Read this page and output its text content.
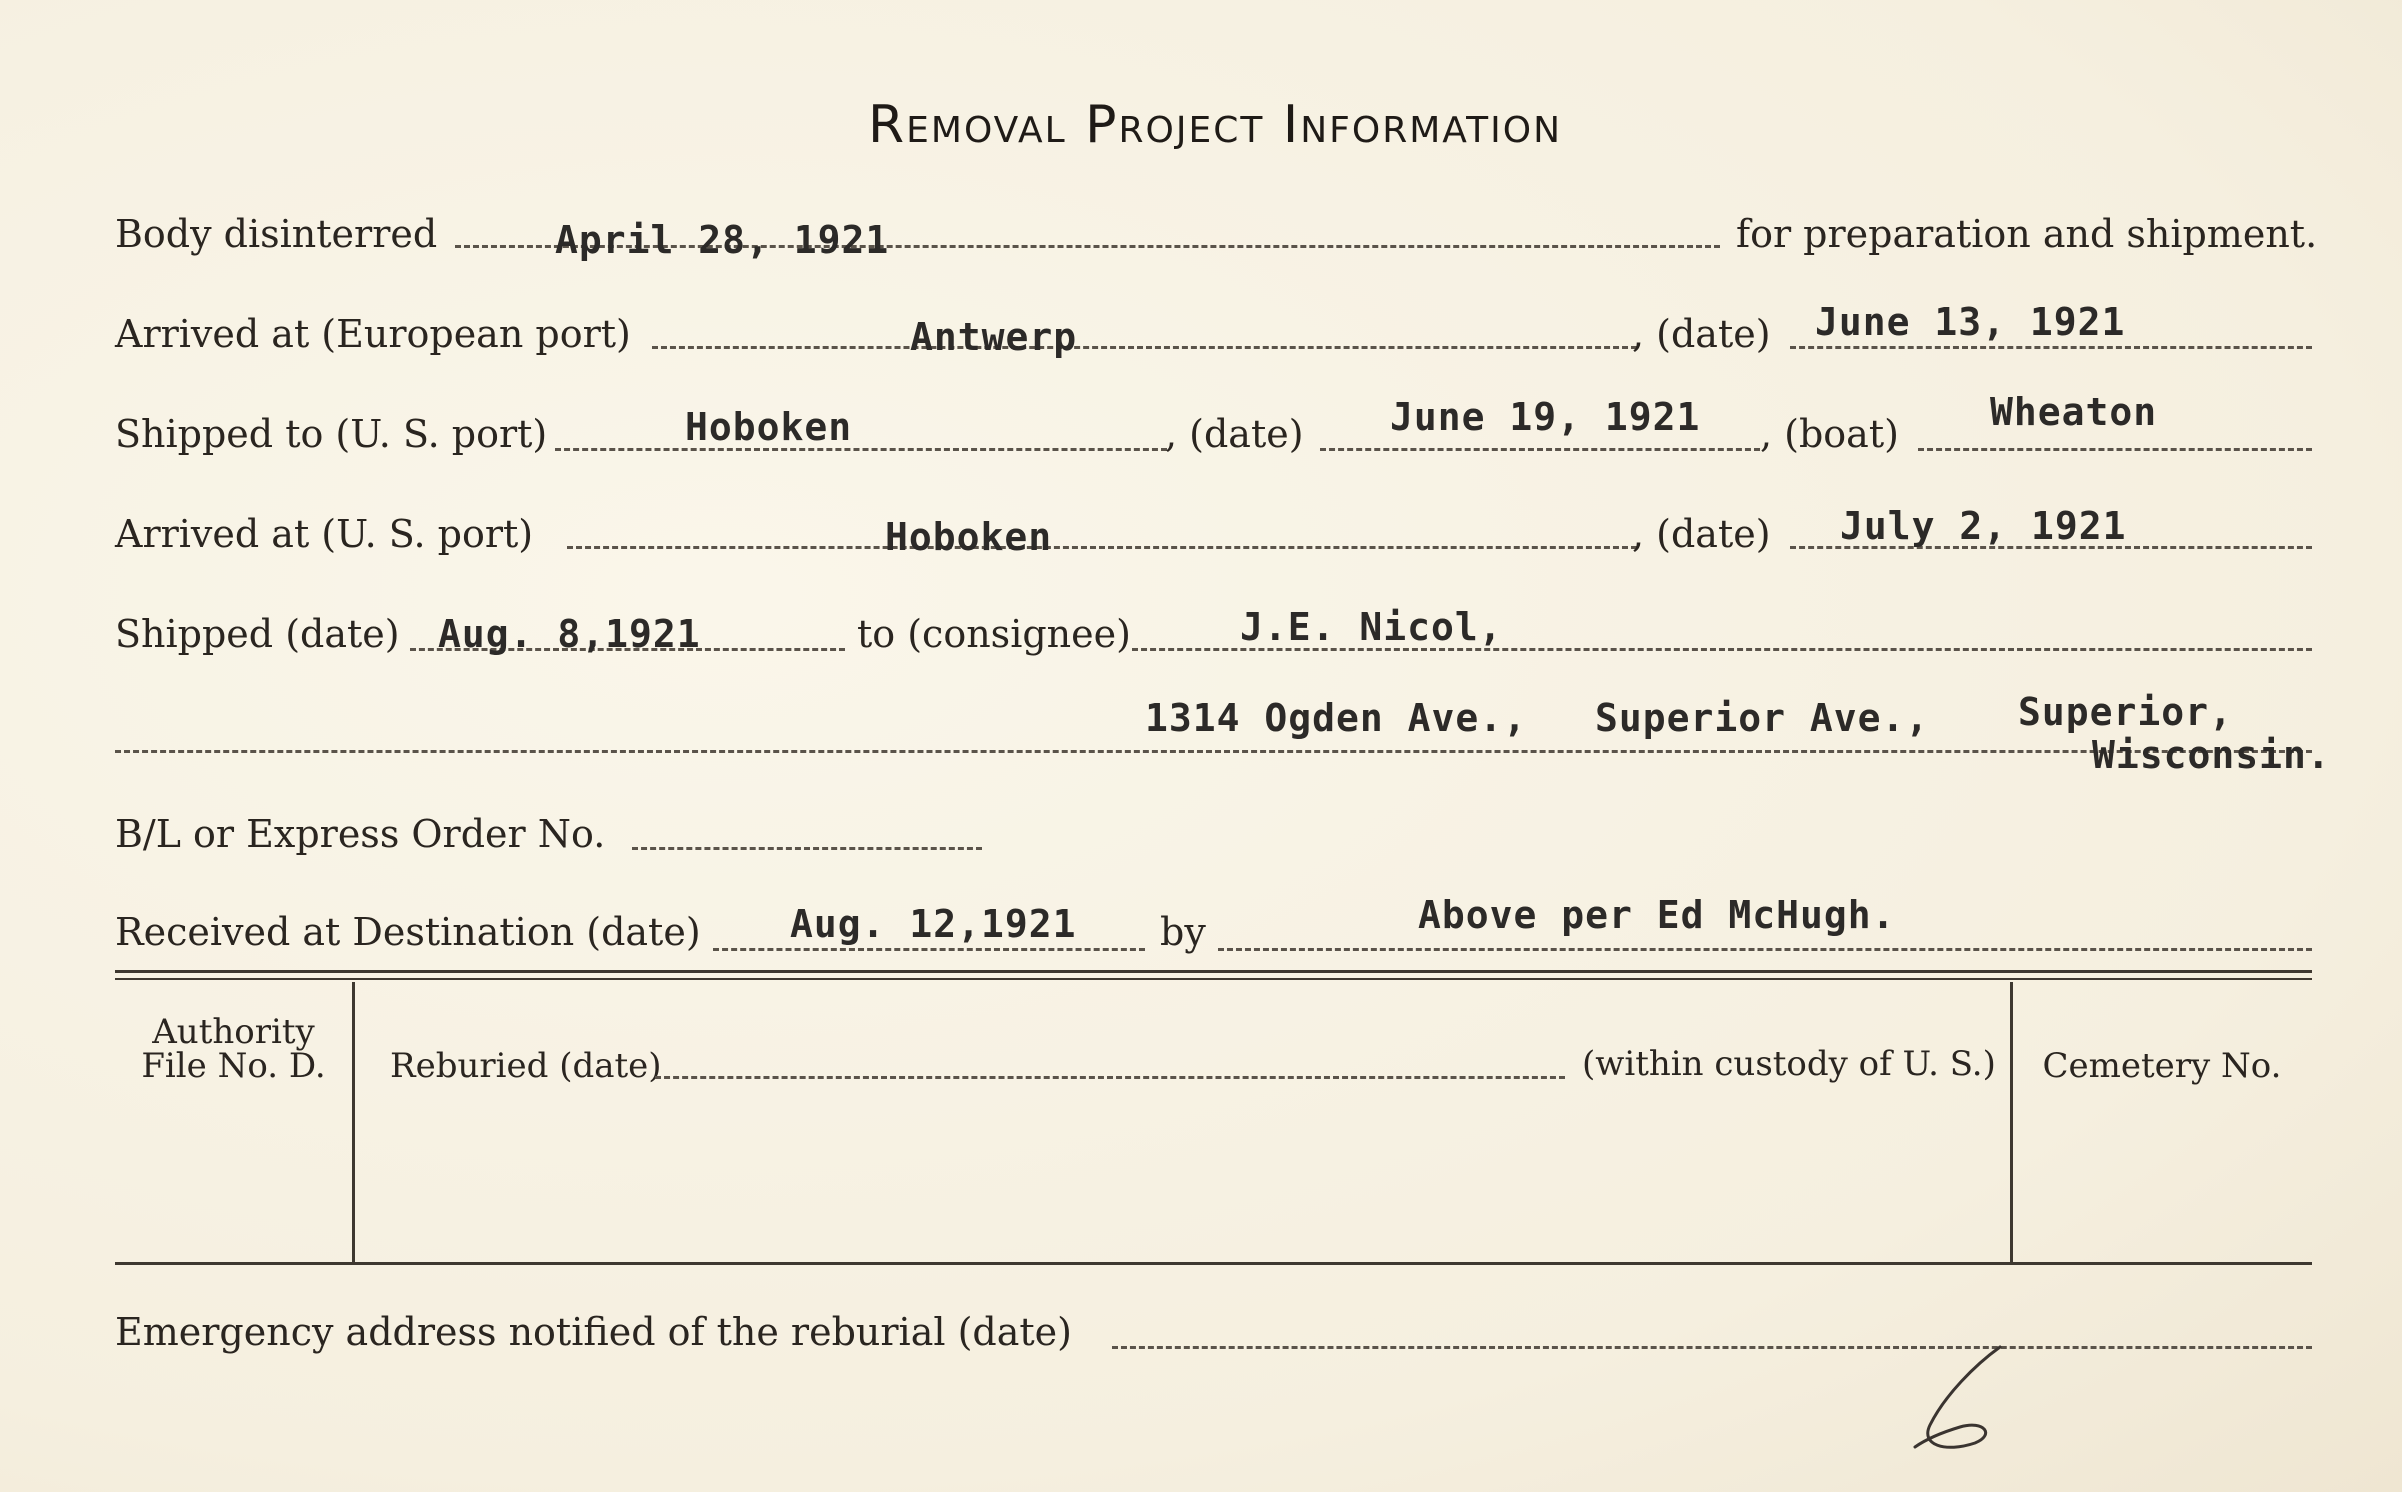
Removal Project Information
Body disinterred	April 28, 1921	for preparation and shipment.
Arrived at (European port)	Antwerp	, (date) June 13, 1921
Shipped to (U. S. port)	Hoboken	, (date) June 19, 1921 , (boat) Wheaton
Arrived at (U. S. port)	Hoboken	, (date) July 2, 1921
Shipped (date) Aug. 8,1921	to (consignee)	J.E. Nicol,
1314 Ogden Ave., Superior Ave., Superior,
Wisconsin.
B/L or Express Order No.
Received at Destination (date) Aug. 12,1921 by	Above per Ed McHugh.
Authority
File No. D.	Reburied (date)	(within custody of U. S.)	Cemetery No.
Emergency address notified of the reburial (date)
